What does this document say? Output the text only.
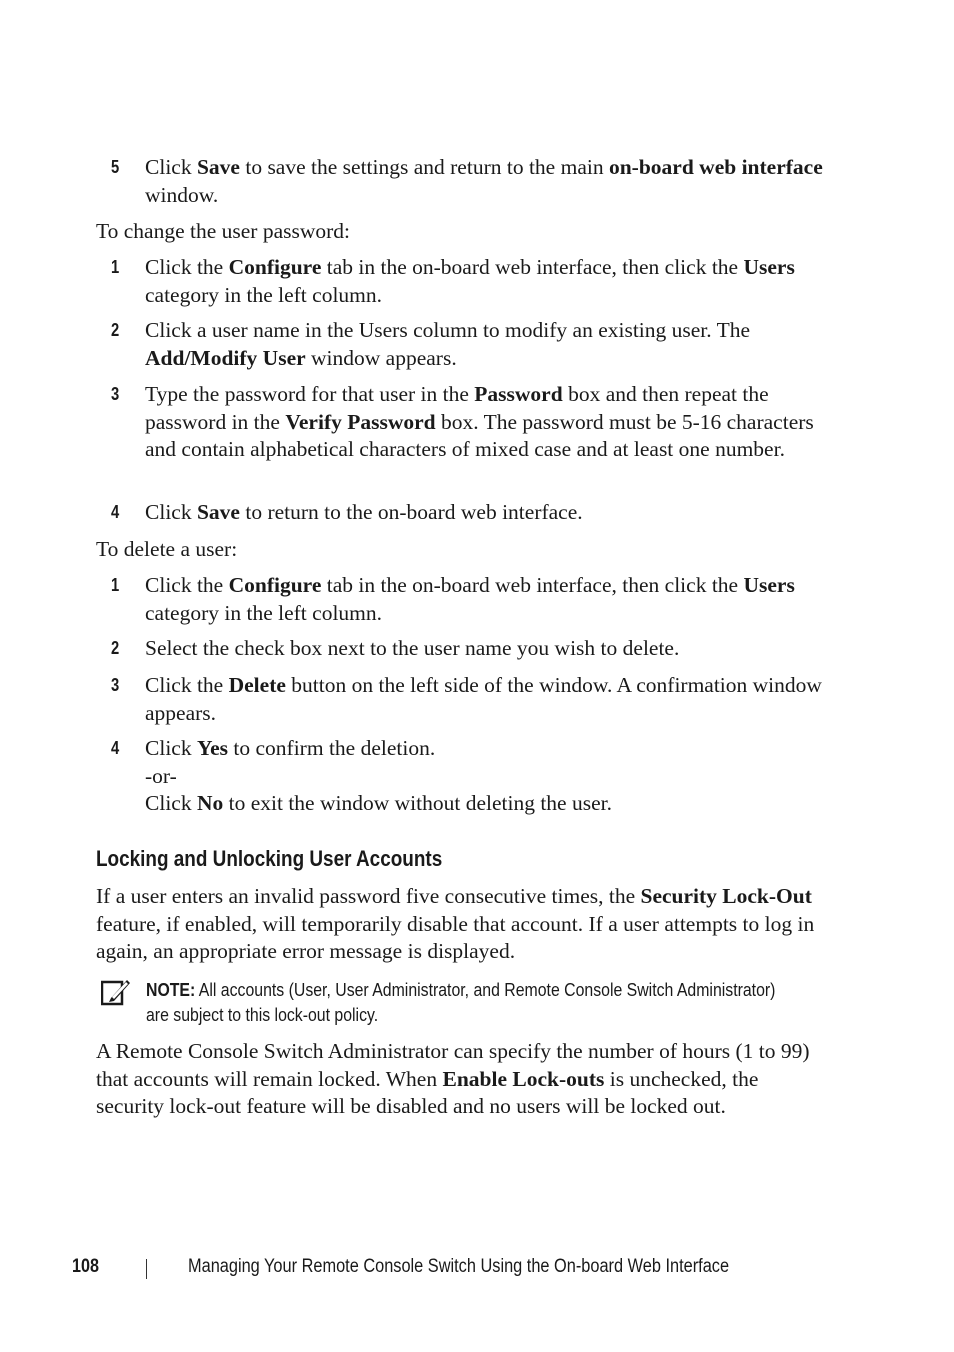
5	Click Save to save the settings and return to the main on-board web interface window.
To change the user password:
1	Click the Configure tab in the on-board web interface, then click the Users category in the left column.
2	Click a user name in the Users column to modify an existing user. The Add/Modify User window appears.
3	Type the password for that user in the Password box and then repeat the password in the Verify Password box. The password must be 5-16 characters and contain alphabetical characters of mixed case and at least one number.
4	Click Save to return to the on-board web interface.
To delete a user:
1	Click the Configure tab in the on-board web interface, then click the Users category in the left column.
2	Select the check box next to the user name you wish to delete.
3	Click the Delete button on the left side of the window. A confirmation window appears.
4	Click Yes to confirm the deletion.
-or-
Click No to exit the window without deleting the user.
Locking and Unlocking User Accounts
If a user enters an invalid password five consecutive times, the Security Lock-Out feature, if enabled, will temporarily disable that account. If a user attempts to log in again, an appropriate error message is displayed.
NOTE: All accounts (User, User Administrator, and Remote Console Switch Administrator) are subject to this lock-out policy.
A Remote Console Switch Administrator can specify the number of hours (1 to 99) that accounts will remain locked. When Enable Lock-outs is unchecked, the security lock-out feature will be disabled and no users will be locked out.
108	Managing Your Remote Console Switch Using the On-board Web Interface
